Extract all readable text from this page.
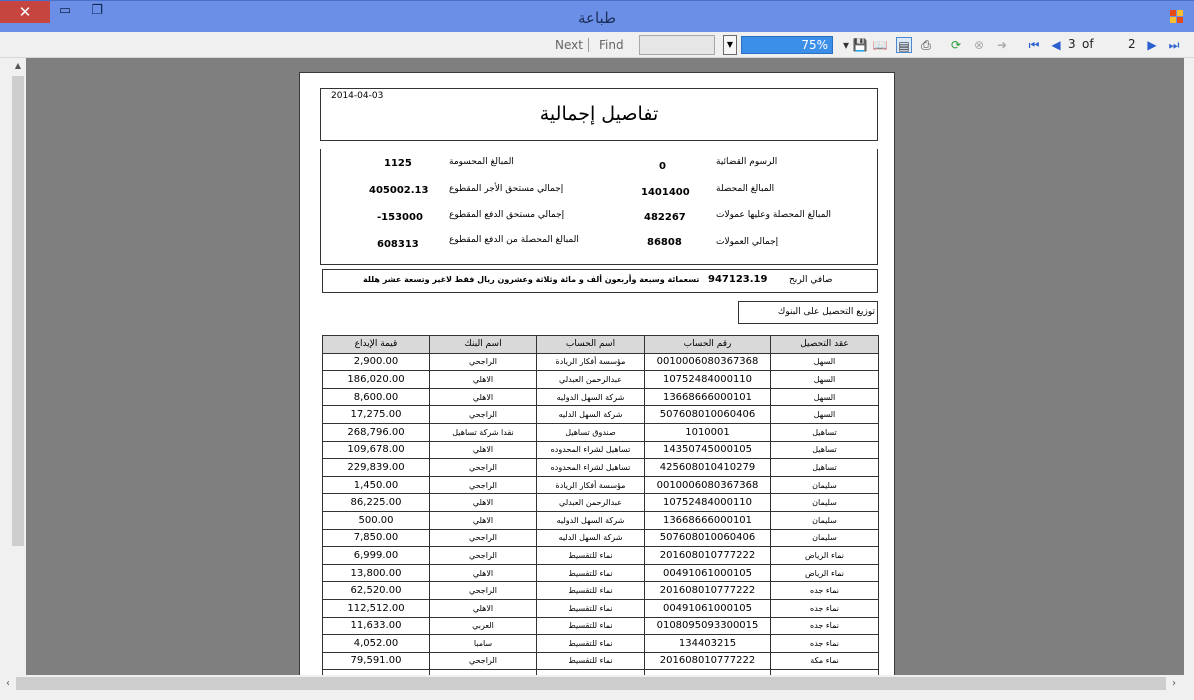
✕	▭	❐	طباعة
Next Find	▼	75%	▾ 💾 📖 ▤ ⎙ ⟳ ⊗ ➜ ⏮ ◀ 3 of	2 ▶ ⏭
▲
2014-04-03
تفاصيل إجمالية
الرسوم القضائية
0
المبالغ المحصلة
1401400
المبالغ المحصلة وعليها عمولات
482267
إجمالي العمولات
86808
المبالغ المحسومة
1125
إجمالي مستحق الأجر المقطوع
405002.13
إجمالي مستحق الدفع المقطوع
-153000
المبالغ المحصلة من الدفع المقطوع
608313
صافي الربح
947123.19
تسعمائة وسبعة وأربعون ألف و مائة وثلاثة وعشرون ريال فقط لاغير وتسعة عشر هللة
توزيع التحصيل على البنوك
قيمة الإيداع	اسم البنك	اسم الحساب	رقم الحساب	عقد التحصيل
2,900.00	الراجحي	مؤسسة أفكار الريادة	0010006080367368	السهل
186,020.00	الاهلي	عبدالرحمن العبدلي	10752484000110	السهل
8,600.00	الاهلي	شركة السهل الدوليه	13668666000101	السهل
17,275.00	الراجحي	شركة السهل الدليه	507608010060406	السهل
268,796.00	نقدا شركة تساهيل	صندوق تساهيل	1010001	تساهيل
109,678.00	الاهلي	تساهيل لشراء المحدوده	14350745000105	تساهيل
229,839.00	الراجحي	تساهيل لشراء المحدوده	425608010410279	تساهيل
1,450.00	الراجحي	مؤسسة أفكار الريادة	0010006080367368	سليمان
86,225.00	الاهلي	عبدالرحمن العبدلي	10752484000110	سليمان
500.00	الاهلي	شركة السهل الدوليه	13668666000101	سليمان
7,850.00	الراجحي	شركة السهل الدليه	507608010060406	سليمان
6,999.00	الراجحي	نماء للتقسيط	201608010777222	نماء الرياض
13,800.00	الاهلي	نماء للتقسيط	00491061000105	نماء الرياض
62,520.00	الراجحي	نماء للتقسيط	201608010777222	نماء جده
112,512.00	الاهلي	نماء للتقسيط	00491061000105	نماء جده
11,633.00	العربي	نماء للتقسيط	0108095093300015	نماء جده
4,052.00	سامبا	نماء للتقسيط	134403215	نماء جده
79,591.00	الراجحي	نماء للتقسيط	201608010777222	نماء مكة

‹	›
